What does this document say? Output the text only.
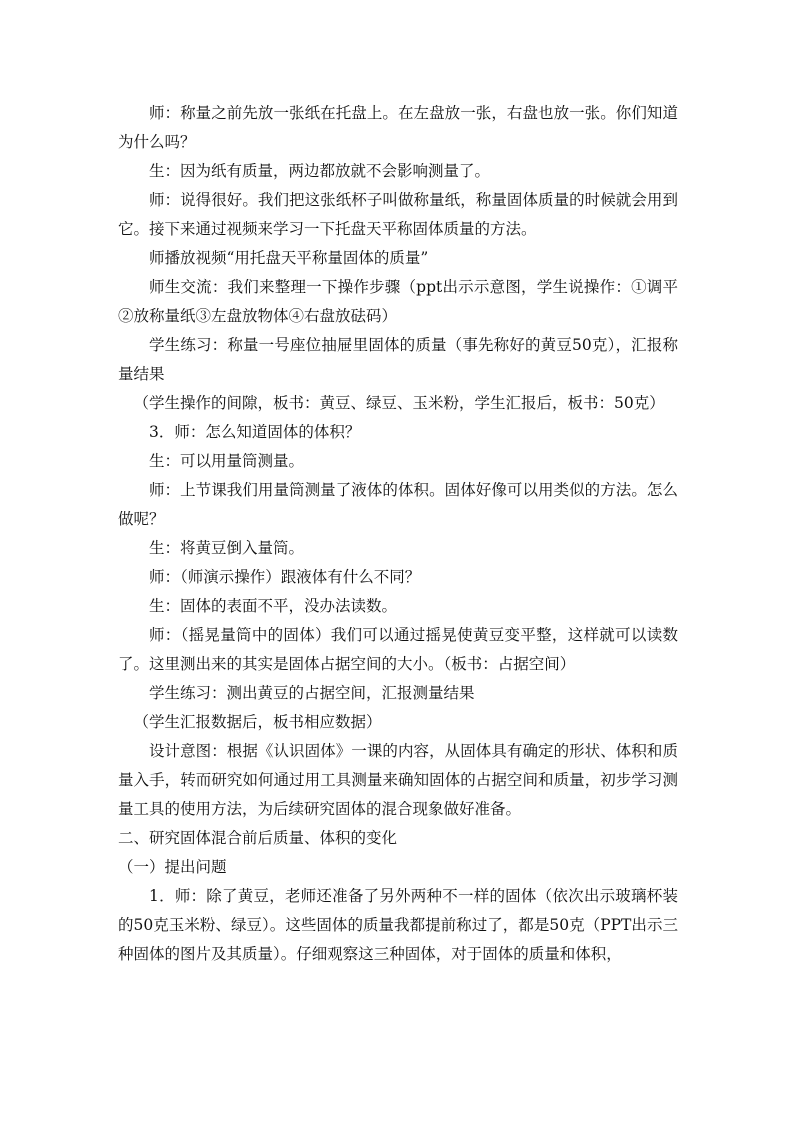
师：称量之前先放一张纸在托盘上。在左盘放一张，右盘也放一张。你们知道为什么吗？

生：因为纸有质量，两边都放就不会影响测量了。

师：说得很好。我们把这张纸杯子叫做称量纸，称量固体质量的时候就会用到它。接下来通过视频来学习一下托盘天平称固体质量的方法。

师播放视频“用托盘天平称量固体的质量”

师生交流：我们来整理一下操作步骤（ppt出示示意图，学生说操作：①调平②放称量纸③左盘放物体④右盘放砝码）

学生练习：称量一号座位抽屉里固体的质量（事先称好的黄豆50克），汇报称量结果

（学生操作的间隙，板书：黄豆、绿豆、玉米粉，学生汇报后，板书：50克）

3．师：怎么知道固体的体积？

生：可以用量筒测量。

师：上节课我们用量筒测量了液体的体积。固体好像可以用类似的方法。怎么做呢？

生：将黄豆倒入量筒。

师：（师演示操作）跟液体有什么不同？

生：固体的表面不平，没办法读数。

师：（摇晃量筒中的固体）我们可以通过摇晃使黄豆变平整，这样就可以读数了。这里测出来的其实是固体占据空间的大小。（板书：占据空间）

学生练习：测出黄豆的占据空间，汇报测量结果

（学生汇报数据后，板书相应数据）

设计意图：根据《认识固体》一课的内容，从固体具有确定的形状、体积和质量入手，转而研究如何通过用工具测量来确知固体的占据空间和质量，初步学习测量工具的使用方法，为后续研究固体的混合现象做好准备。

二、研究固体混合前后质量、体积的变化

（一）提出问题

1．师：除了黄豆，老师还准备了另外两种不一样的固体（依次出示玻璃杯装的50克玉米粉、绿豆）。这些固体的质量我都提前称过了，都是50克（PPT出示三种固体的图片及其质量）。仔细观察这三种固体，对于固体的质量和体积，
